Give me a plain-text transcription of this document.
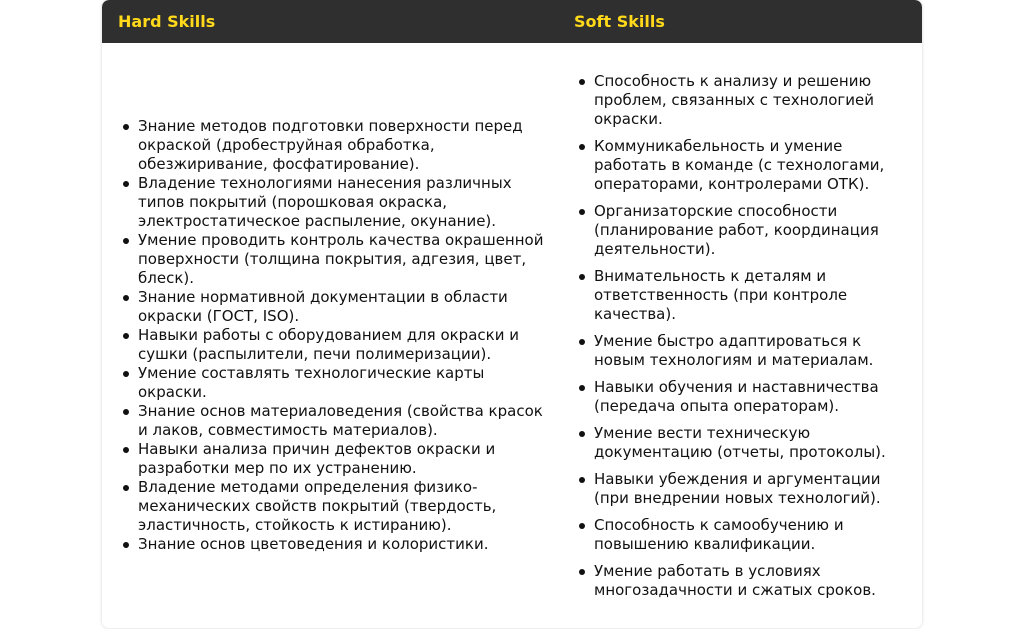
Hard Skills	Soft Skills
Знание методов подготовки поверхности перед окраской (дробеструйная обработка, обезжиривание, фосфатирование).
Владение технологиями нанесения различных типов покрытий (порошковая окраска, электростатическое распыление, окунание).
Умение проводить контроль качества окрашенной поверхности (толщина покрытия, адгезия, цвет, блеск).
Знание нормативной документации в области окраски (ГОСТ, ISO).
Навыки работы с оборудованием для окраски и сушки (распылители, печи полимеризации).
Умение составлять технологические карты окраски.
Знание основ материаловедения (свойства красок и лаков, совместимость материалов).
Навыки анализа причин дефектов окраски и разработки мер по их устранению.
Владение методами определения физико-механических свойств покрытий (твердость, эластичность, стойкость к истиранию).
Знание основ цветоведения и колористики.
Способность к анализу и решению проблем, связанных с технологией окраски.
Коммуникабельность и умение работать в команде (с технологами, операторами, контролерами ОТК).
Организаторские способности (планирование работ, координация деятельности).
Внимательность к деталям и ответственность (при контроле качества).
Умение быстро адаптироваться к новым технологиям и материалам.
Навыки обучения и наставничества (передача опыта операторам).
Умение вести техническую документацию (отчеты, протоколы).
Навыки убеждения и аргументации (при внедрении новых технологий).
Способность к самообучению и повышению квалификации.
Умение работать в условиях многозадачности и сжатых сроков.
